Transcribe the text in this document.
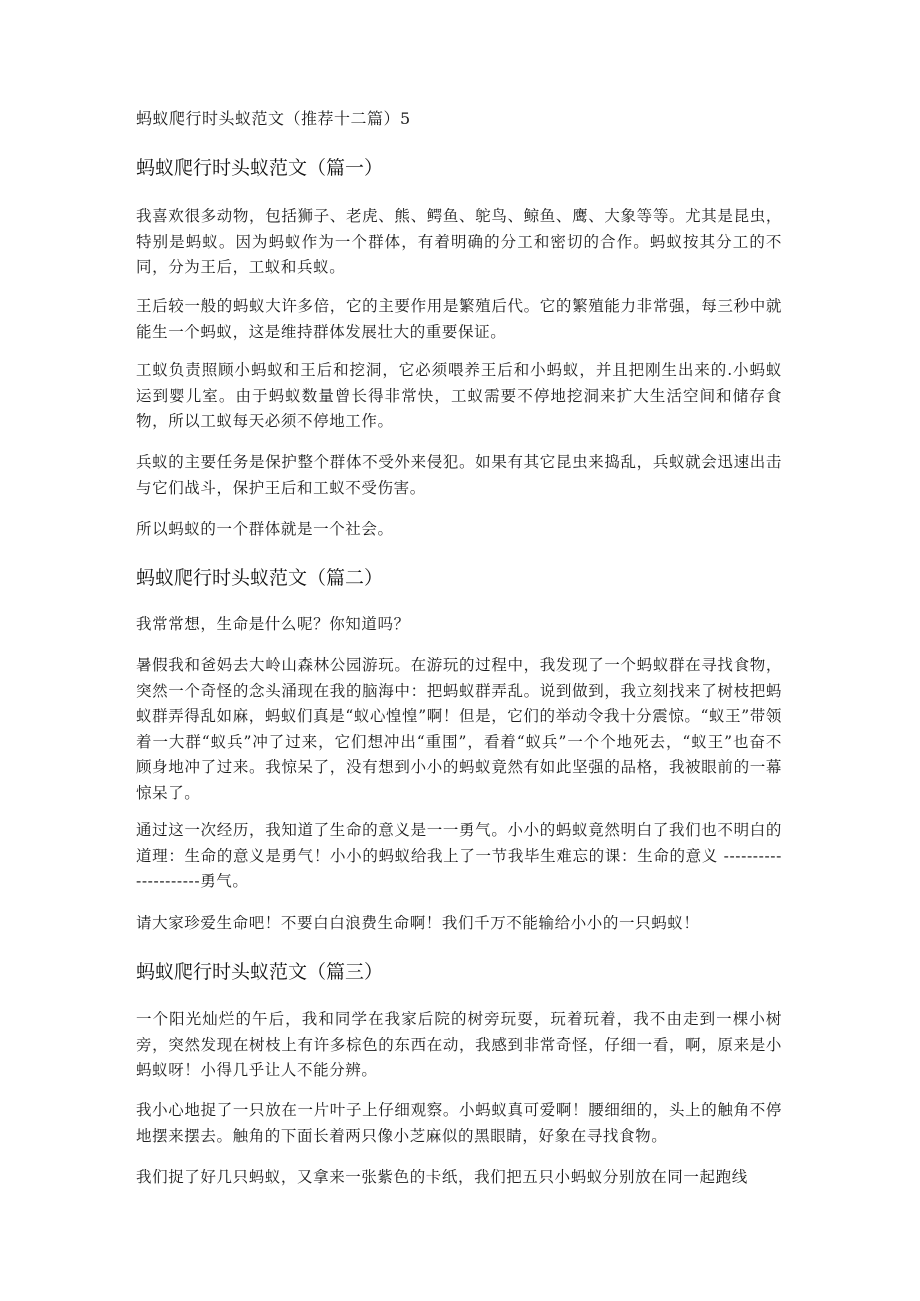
蚂蚁爬行时头蚁范文（推荐十二篇）5
蚂蚁爬行时头蚁范文（篇一）

我喜欢很多动物，包括狮子、老虎、熊、鳄鱼、鸵鸟、鲸鱼、鹰、大象等等。尤其是昆虫，特别是蚂蚁。因为蚂蚁作为一个群体，有着明确的分工和密切的合作。蚂蚁按其分工的不同，分为王后，工蚁和兵蚁。

王后较一般的蚂蚁大许多倍，它的主要作用是繁殖后代。它的繁殖能力非常强，每三秒中就能生一个蚂蚁，这是维持群体发展壮大的重要保证。

工蚁负责照顾小蚂蚁和王后和挖洞，它必须喂养王后和小蚂蚁，并且把刚生出来的.小蚂蚁运到婴儿室。由于蚂蚁数量曾长得非常快，工蚁需要不停地挖洞来扩大生活空间和储存食物，所以工蚁每天必须不停地工作。

兵蚁的主要任务是保护整个群体不受外来侵犯。如果有其它昆虫来捣乱，兵蚁就会迅速出击与它们战斗，保护王后和工蚁不受伤害。

所以蚂蚁的一个群体就是一个社会。

蚂蚁爬行时头蚁范文（篇二）

我常常想，生命是什么呢？你知道吗？

暑假我和爸妈去大岭山森林公园游玩。在游玩的过程中，我发现了一个蚂蚁群在寻找食物，突然一个奇怪的念头涌现在我的脑海中：把蚂蚁群弄乱。说到做到，我立刻找来了树枝把蚂蚁群弄得乱如麻，蚂蚁们真是“蚁心惶惶”啊！但是，它们的举动令我十分震惊。“蚁王”带领着一大群“蚁兵”冲了过来，它们想冲出“重围”，看着“蚁兵”一个个地死去，“蚁王”也奋不顾身地冲了过来。我惊呆了，没有想到小小的蚂蚁竟然有如此坚强的品格，我被眼前的一幕惊呆了。

通过这一次经历，我知道了生命的意义是一一勇气。小小的蚂蚁竟然明白了我们也不明白的道理：生命的意义是勇气！小小的蚂蚁给我上了一节我毕生难忘的课：生命的意义 ---------------------勇气。

请大家珍爱生命吧！不要白白浪费生命啊！我们千万不能输给小小的一只蚂蚁！

蚂蚁爬行时头蚁范文（篇三）

一个阳光灿烂的午后，我和同学在我家后院的树旁玩耍，玩着玩着，我不由走到一棵小树旁，突然发现在树枝上有许多棕色的东西在动，我感到非常奇怪，仔细一看，啊，原来是小蚂蚁呀！小得几乎让人不能分辨。

我小心地捉了一只放在一片叶子上仔细观察。小蚂蚁真可爱啊！腰细细的，头上的触角不停地摆来摆去。触角的下面长着两只像小芝麻似的黑眼睛，好象在寻找食物。

我们捉了好几只蚂蚁，又拿来一张紫色的卡纸，我们把五只小蚂蚁分别放在同一起跑线
